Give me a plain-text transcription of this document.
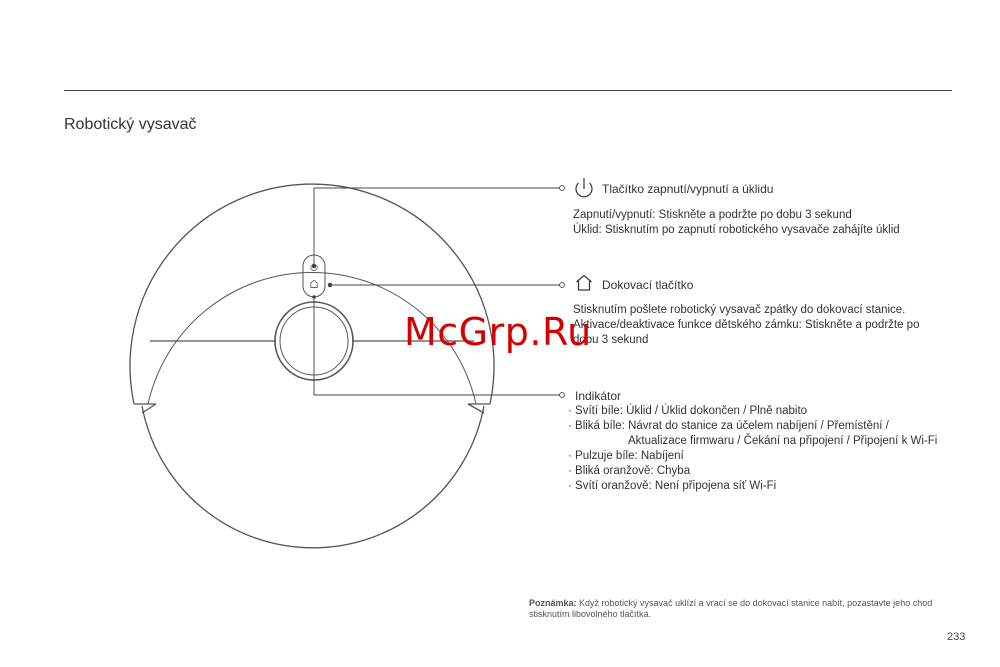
Robotický vysavač
Tlačítko zapnutí/vypnutí a úklidu
Zapnutí/vypnutí: Stiskněte a podržte po dobu 3 sekund
Úklid: Stisknutím po zapnutí robotického vysavače zahájíte úklid
Dokovací tlačítko
Stisknutím pošlete robotický vysavač zpátky do dokovací stanice.
Aktivace/deaktivace funkce dětského zámku: Stiskněte a podržte po
dobu 3 sekund
Indikátor
· Svítí bíle: Úklid / Úklid dokončen / Plně nabito
· Bliká bíle: Návrat do stanice za účelem nabíjení / Přemístění /
Aktualizace firmwaru / Čekání na připojení / Připojení k Wi-Fi
· Pulzuje bíle: Nabíjení
· Bliká oranžově: Chyba
· Svítí oranžově: Není připojena síť Wi-Fi
McGrp.Ru
Poznámka: Když robotický vysavač uklízí a vrací se do dokovací stanice nabít, pozastavte jeho chod stisknutím libovolného tlačítka.
233
